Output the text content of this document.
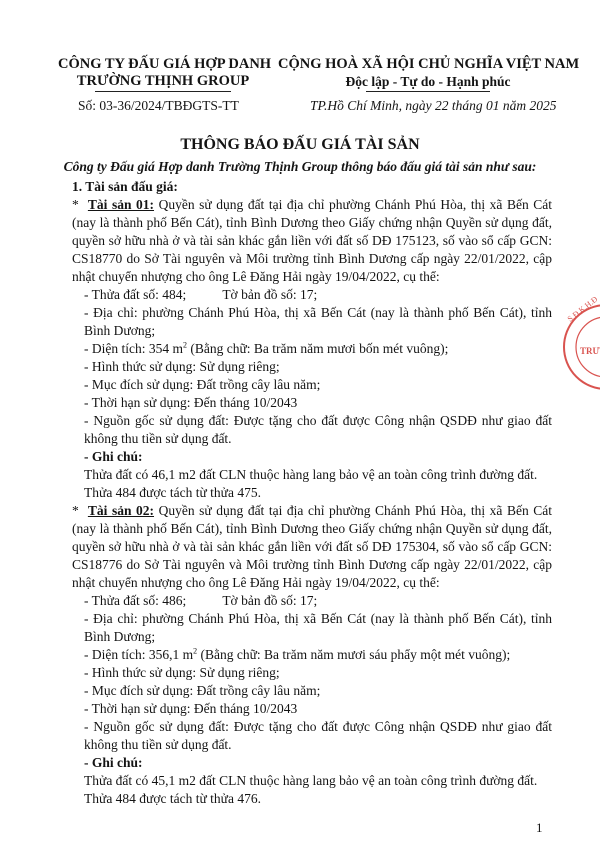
CÔNG TY ĐẤU GIÁ HỢP DANH
TRƯỜNG THỊNH GROUP
CỘNG HOÀ XÃ HỘI CHỦ NGHĨA VIỆT NAM
Độc lập - Tự do - Hạnh phúc
Số: 03-36/2024/TBĐGTS-TT	TP.Hồ Chí Minh, ngày 22 tháng 01 năm 2025
THÔNG BÁO ĐẤU GIÁ TÀI SẢN
Công ty Đấu giá Hợp danh Trường Thịnh Group thông báo đấu giá tài sản như sau:

1. Tài sản đấu giá:

* Tài sản 01: Quyền sử dụng đất tại địa chỉ phường Chánh Phú Hòa, thị xã Bến Cát (nay là thành phố Bến Cát), tỉnh Bình Dương theo Giấy chứng nhận Quyền sử dụng đất, quyền sở hữu nhà ở và tài sản khác gắn liền với đất số DĐ 175123, số vào sổ cấp GCN: CS18770 do Sở Tài nguyên và Môi trường tỉnh Bình Dương cấp ngày 22/01/2022, cập nhật chuyển nhượng cho ông Lê Đăng Hải ngày 19/04/2022, cụ thể:

- Thửa đất số: 484;	Tờ bản đồ số: 17;

- Địa chỉ: phường Chánh Phú Hòa, thị xã Bến Cát (nay là thành phố Bến Cát), tỉnh Bình Dương;

- Diện tích: 354 $m^2$ (Bằng chữ: Ba trăm năm mươi bốn mét vuông);

- Hình thức sử dụng: Sử dụng riêng;

- Mục đích sử dụng: Đất trồng cây lâu năm;

- Thời hạn sử dụng: Đến tháng 10/2043

- Nguồn gốc sử dụng đất: Được tặng cho đất được Công nhận QSDĐ như giao đất không thu tiền sử dụng đất.

- Ghi chú:

Thửa đất có 46,1 m2 đất CLN thuộc hàng lang bảo vệ an toàn công trình đường đất.

Thửa 484 được tách từ thửa 475.

* Tài sản 02: Quyền sử dụng đất tại địa chỉ phường Chánh Phú Hòa, thị xã Bến Cát (nay là thành phố Bến Cát), tỉnh Bình Dương theo Giấy chứng nhận Quyền sử dụng đất, quyền sở hữu nhà ở và tài sản khác gắn liền với đất số DĐ 175304, số vào sổ cấp GCN: CS18776 do Sở Tài nguyên và Môi trường tỉnh Bình Dương cấp ngày 22/01/2022, cập nhật chuyển nhượng cho ông Lê Đăng Hải ngày 19/04/2022, cụ thể:

- Thửa đất số: 486;	Tờ bản đồ số: 17;

- Địa chỉ: phường Chánh Phú Hòa, thị xã Bến Cát (nay là thành phố Bến Cát), tỉnh Bình Dương;

- Diện tích: 356,1 $m^2$ (Bằng chữ: Ba trăm năm mươi sáu phẩy một mét vuông);

- Hình thức sử dụng: Sử dụng riêng;

- Mục đích sử dụng: Đất trồng cây lâu năm;

- Thời hạn sử dụng: Đến tháng 10/2043

- Nguồn gốc sử dụng đất: Được tặng cho đất được Công nhận QSDĐ như giao đất không thu tiền sử dụng đất.

- Ghi chú:

Thửa đất có 45,1 m2 đất CLN thuộc hàng lang bảo vệ an toàn công trình đường đất.

Thửa 484 được tách từ thửa 476.

S.Đ.K.H.Đ
TRƯ
1
